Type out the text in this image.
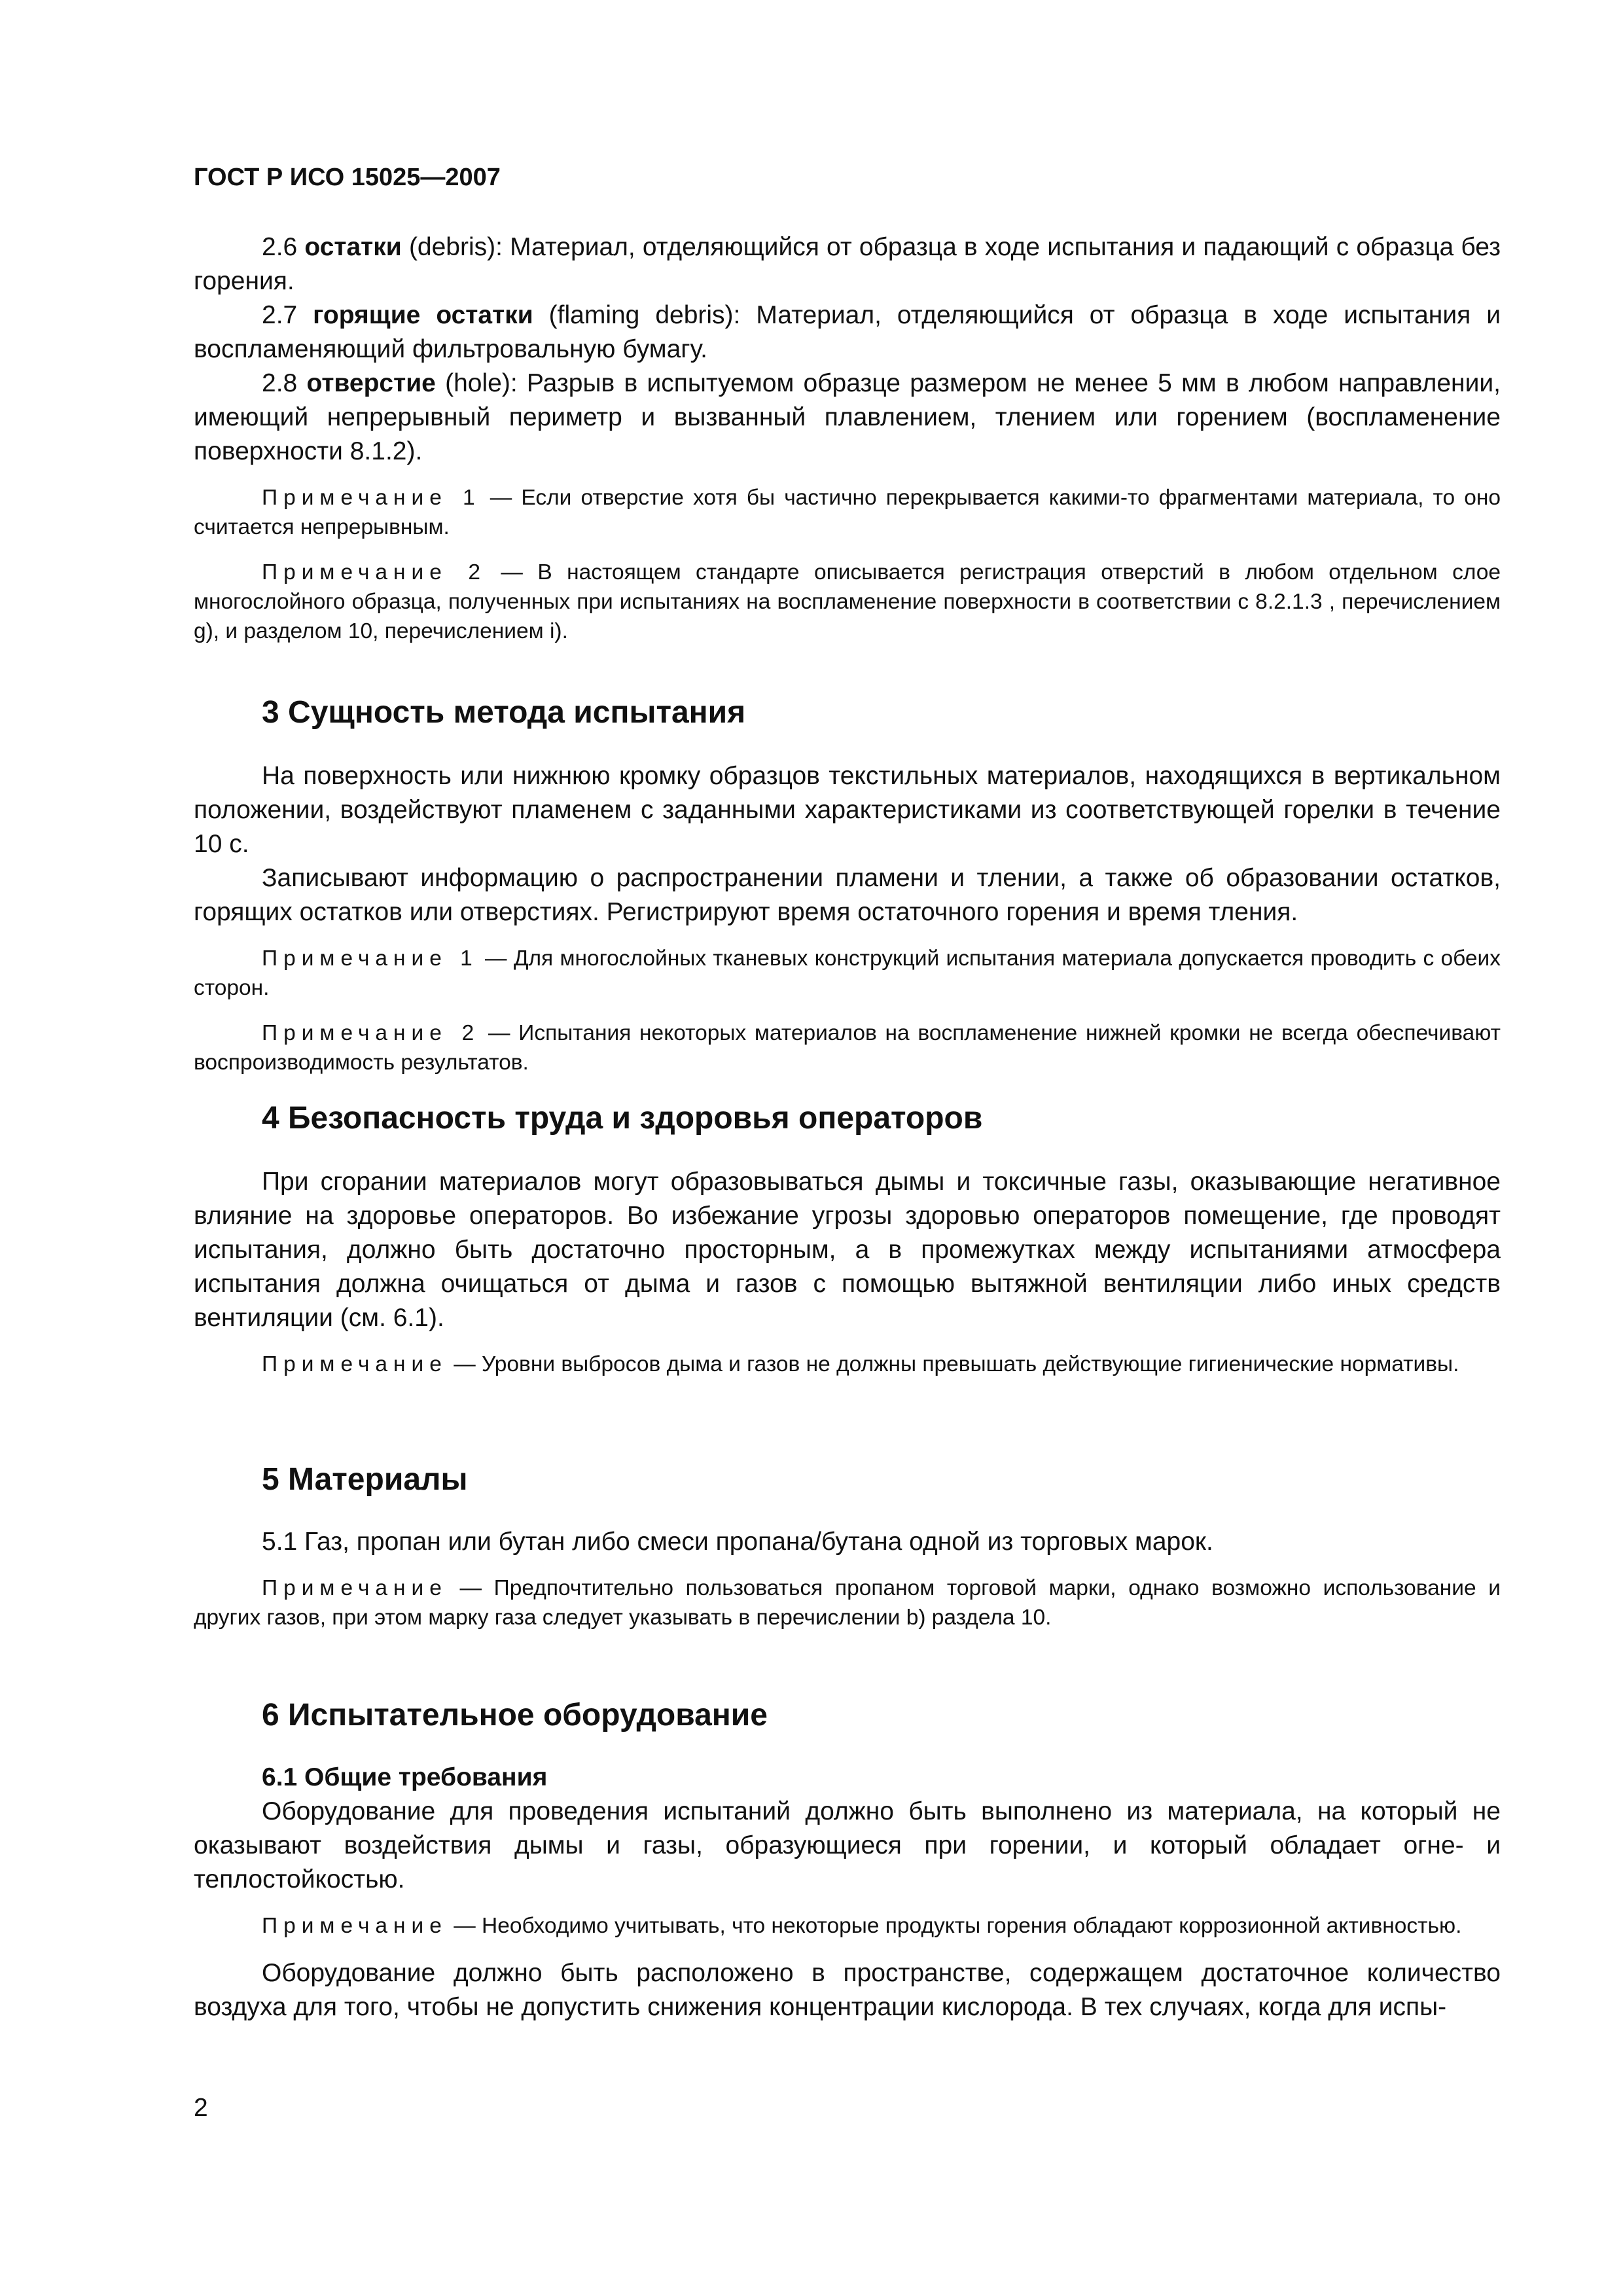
ГОСТ Р ИСО 15025—2007

2.6 остатки (debris): Материал, отделяющийся от образца в ходе испытания и падающий с образца без горения.

2.7 горящие остатки (flaming debris): Материал, отделяющийся от образца в ходе испытания и воспламеняющий фильтровальную бумагу.

2.8 отверстие (hole): Разрыв в испытуемом образце размером не менее 5 мм в любом направлении, имеющий непрерывный периметр и вызванный плавлением, тлением или горением (воспламенение поверхности 8.1.2).

Примечание 1 — Если отверстие хотя бы частично перекрывается какими-то фрагментами материала, то оно считается непрерывным.

Примечание 2 — В настоящем стандарте описывается регистрация отверстий в любом отдельном слое многослойного образца, полученных при испытаниях на воспламенение поверхности в соответствии с 8.2.1.3 , перечислением g), и разделом 10, перечислением i).

3 Сущность метода испытания

На поверхность или нижнюю кромку образцов текстильных материалов, находящихся в вертикальном положении, воздействуют пламенем с заданными характеристиками из соответствующей горелки в течение 10 с.

Записывают информацию о распространении пламени и тлении, а также об образовании остатков, горящих остатков или отверстиях. Регистрируют время остаточного горения и время тления.

Примечание 1 — Для многослойных тканевых конструкций испытания материала допускается проводить с обеих сторон.

Примечание 2 — Испытания некоторых материалов на воспламенение нижней кромки не всегда обеспечивают воспроизводимость результатов.

4 Безопасность труда и здоровья операторов

При сгорании материалов могут образовываться дымы и токсичные газы, оказывающие негативное влияние на здоровье операторов. Во избежание угрозы здоровью операторов помещение, где проводят испытания, должно быть достаточно просторным, а в промежутках между испытаниями атмосфера испытания должна очищаться от дыма и газов с помощью вытяжной вентиляции либо иных средств вентиляции (см. 6.1).

Примечание — Уровни выбросов дыма и газов не должны превышать действующие гигиенические нормативы.

5 Материалы

5.1 Газ, пропан или бутан либо смеси пропана/бутана одной из торговых марок.

Примечание — Предпочтительно пользоваться пропаном торговой марки, однако возможно использование и других газов, при этом марку газа следует указывать в перечислении b) раздела 10.

6 Испытательное оборудование

6.1 Общие требования

Оборудование для проведения испытаний должно быть выполнено из материала, на который не оказывают воздействия дымы и газы, образующиеся при горении, и который обладает огне- и теплостойкостью.

Примечание — Необходимо учитывать, что некоторые продукты горения обладают коррозионной активностью.

Оборудование должно быть расположено в пространстве, содержащем достаточное количество воздуха для того, чтобы не допустить снижения концентрации кислорода. В тех случаях, когда для испы-

2
